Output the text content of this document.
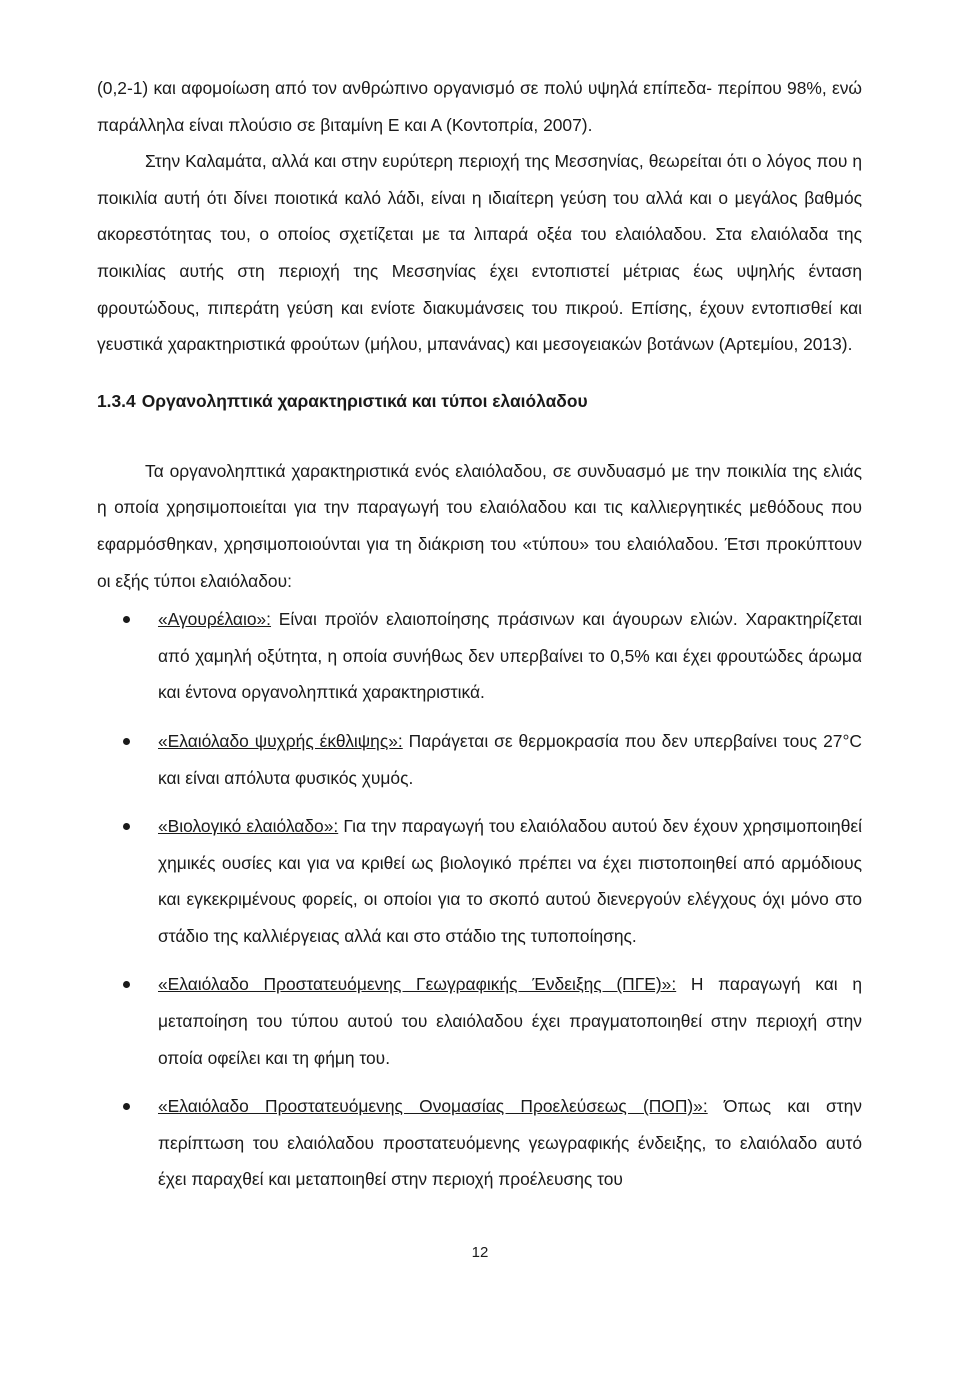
(0,2-1) και αφομοίωση από τον ανθρώπινο οργανισμό σε πολύ υψηλά επίπεδα- περίπου 98%, ενώ παράλληλα είναι πλούσιο σε βιταμίνη Ε και Α (Κοντοπρία, 2007).

Στην Καλαμάτα, αλλά και στην ευρύτερη περιοχή της Μεσσηνίας, θεωρείται ότι ο λόγος που η ποικιλία αυτή ότι δίνει ποιοτικά καλό λάδι, είναι η ιδιαίτερη γεύση του αλλά και ο μεγάλος βαθμός ακορεστότητας του, ο οποίος σχετίζεται με τα λιπαρά οξέα του ελαιόλαδου. Στα ελαιόλαδα της ποικιλίας αυτής στη περιοχή της Μεσσηνίας έχει εντοπιστεί μέτριας έως υψηλής ένταση φρουτώδους, πιπεράτη γεύση και ενίοτε διακυμάνσεις του πικρού. Επίσης, έχουν εντοπισθεί και γευστικά χαρακτηριστικά φρούτων (μήλου, μπανάνας) και μεσογειακών βοτάνων (Αρτεμίου, 2013).

1.3.4 Οργανοληπτικά χαρακτηριστικά και τύποι ελαιόλαδου

Τα οργανοληπτικά χαρακτηριστικά ενός ελαιόλαδου, σε συνδυασμό με την ποικιλία της ελιάς η οποία χρησιμοποιείται για την παραγωγή του ελαιόλαδου και τις καλλιεργητικές μεθόδους που εφαρμόσθηκαν, χρησιμοποιούνται για τη διάκριση του «τύπου» του ελαιόλαδου. Έτσι προκύπτουν οι εξής τύποι ελαιόλαδου:

«Αγουρέλαιο»: Είναι προϊόν ελαιοποίησης πράσινων και άγουρων ελιών. Χαρακτηρίζεται από χαμηλή οξύτητα, η οποία συνήθως δεν υπερβαίνει το 0,5% και έχει φρουτώδες άρωμα και έντονα οργανοληπτικά χαρακτηριστικά.
«Ελαιόλαδο ψυχρής έκθλιψης»: Παράγεται σε θερμοκρασία που δεν υπερβαίνει τους 27°C και είναι απόλυτα φυσικός χυμός.
«Βιολογικό ελαιόλαδο»: Για την παραγωγή του ελαιόλαδου αυτού δεν έχουν χρησιμοποιηθεί χημικές ουσίες και για να κριθεί ως βιολογικό πρέπει να έχει πιστοποιηθεί από αρμόδιους και εγκεκριμένους φορείς, οι οποίοι για το σκοπό αυτού διενεργούν ελέγχους όχι μόνο στο στάδιο της καλλιέργειας αλλά και στο στάδιο της τυποποίησης.
«Ελαιόλαδο Προστατευόμενης Γεωγραφικής Ένδειξης (ΠΓΕ)»: Η παραγωγή και η μεταποίηση του τύπου αυτού του ελαιόλαδου έχει πραγματοποιηθεί στην περιοχή στην οποία οφείλει και τη φήμη του.
«Ελαιόλαδο Προστατευόμενης Ονομασίας Προελεύσεως (ΠΟΠ)»: Όπως και στην περίπτωση του ελαιόλαδου προστατευόμενης γεωγραφικής ένδειξης, το ελαιόλαδο αυτό έχει παραχθεί και μεταποιηθεί στην περιοχή προέλευσης του
12
